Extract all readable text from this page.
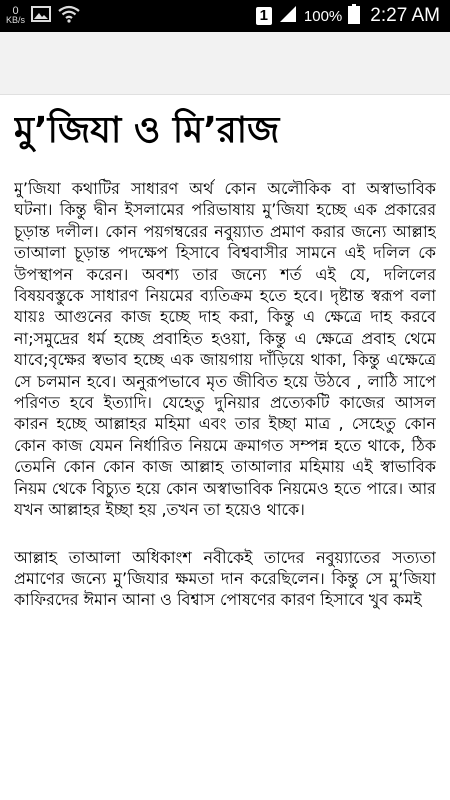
0
KB/s	1 100% 2:27 AM
মু’জিযা ও মি’রাজ

মু’জিযা কথাটির সাধারণ অর্থ কোন অলৌকিক বা অস্বাভাবিক ঘটনা। কিন্তু দ্বীন ইসলামের পরিভাষায় মু’জিযা হচ্ছে এক প্রকারের চূড়ান্ত দলীল। কোন পয়গম্বরের নবুয়্যাত প্রমাণ করার জন্যে আল্লাহ তাআলা চূড়ান্ত পদক্ষেপ হিসাবে বিশ্ববাসীর সামনে এই দলিল কে উপস্থাপন করেন। অবশ্য তার জন্যে শর্ত এই যে, দলিলের বিষয়বস্তুকে সাধারণ নিয়মের ব্যতিক্রম হতে হবে। দৃষ্টান্ত স্বরূপ বলা যায়ঃ আগুনের কাজ হচ্ছে দাহ করা, কিন্তু এ ক্ষেত্রে দাহ করবে না;সমুদ্রের ধর্ম হচ্ছে প্রবাহিত হওয়া, কিন্তু এ ক্ষেত্রে প্রবাহ থেমে যাবে;বৃক্ষের স্বভাব হচ্ছে এক জায়গায় দাঁড়িয়ে থাকা, কিন্তু এক্ষেত্রে সে চলমান হবে। অনুরূপভাবে মৃত জীবিত হয়ে উঠবে , লাঠি সাপে পরিণত হবে ইত্যাদি। যেহেতু দুনিয়ার প্রত্যেকটি কাজের আসল কারন হচ্ছে আল্লাহর মহিমা এবং তার ইচ্ছা মাত্র , সেহেতু কোন কোন কাজ যেমন নির্ধারিত নিয়মে ক্রমাগত সম্পন্ন হতে থাকে, ঠিক তেমনি কোন কোন কাজ আল্লাহ তাআলার মহিমায় এই স্বাভাবিক নিয়ম থেকে বিচ্যুত হয়ে কোন অস্বাভাবিক নিয়মেও হতে পারে। আর যখন আল্লাহর ইচ্ছা হয় ,তখন তা হয়েও থাকে।

আল্লাহ তাআলা অধিকাংশ নবীকেই তাদের নবুয়্যাতের সত্যতা প্রমাণের জন্যে মু’জিযার ক্ষমতা দান করেছিলেন। কিন্তু সে মু’জিযা কাফিরদের ঈমান আনা ও বিশ্বাস পোষণের কারণ হিসাবে খুব কমই
